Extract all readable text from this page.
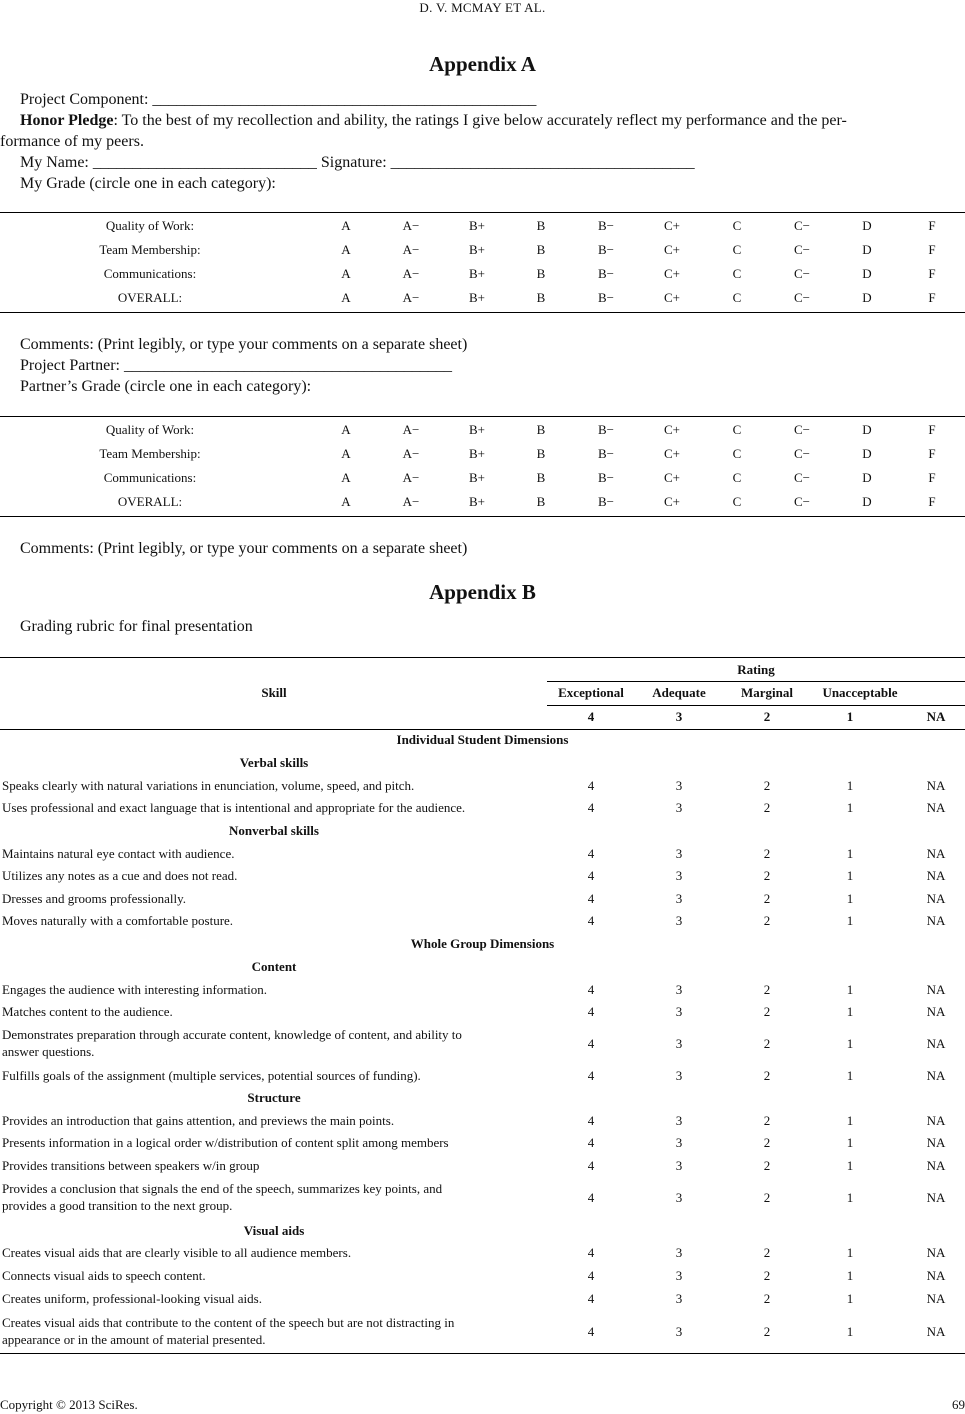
D. V. MCMAY ET AL.
Appendix A
Project Component: ________________________________________________
Honor Pledge: To the best of my recollection and ability, the ratings I give below accurately reflect my performance and the per-
formance of my peers.
My Name: ____________________________ Signature: ______________________________________
My Grade (circle one in each category):
Quality of Work:	A	A−	B+	B	B−	C+	C	C−	D	F
Team Membership:	A	A−	B+	B	B−	C+	C	C−	D	F
Communications:	A	A−	B+	B	B−	C+	C	C−	D	F
OVERALL:	A	A−	B+	B	B−	C+	C	C−	D	F
Comments: (Print legibly, or type your comments on a separate sheet)
Project Partner: _________________________________________
Partner’s Grade (circle one in each category):
Quality of Work:	A	A−	B+	B	B−	C+	C	C−	D	F
Team Membership:	A	A−	B+	B	B−	C+	C	C−	D	F
Communications:	A	A−	B+	B	B−	C+	C	C−	D	F
OVERALL:	A	A−	B+	B	B−	C+	C	C−	D	F
Comments: (Print legibly, or type your comments on a separate sheet)
Appendix B
Grading rubric for final presentation
Rating
Skill	Exceptional	Adequate	Marginal	Unacceptable
4	3	2	1	NA
Individual Student Dimensions
Verbal skills
Speaks clearly with natural variations in enunciation, volume, speed, and pitch.	4	3	2	1	NA
Uses professional and exact language that is intentional and appropriate for the audience.	4	3	2	1	NA
Nonverbal skills
Maintains natural eye contact with audience.	4	3	2	1	NA
Utilizes any notes as a cue and does not read.	4	3	2	1	NA
Dresses and grooms professionally.	4	3	2	1	NA
Moves naturally with a comfortable posture.	4	3	2	1	NA
Whole Group Dimensions
Content
Engages the audience with interesting information.	4	3	2	1	NA
Matches content to the audience.	4	3	2	1	NA
Demonstrates preparation through accurate content, knowledge of content, and ability to
answer questions.
4	3	2	1	NA
Fulfills goals of the assignment (multiple services, potential sources of funding).	4	3	2	1	NA
Structure
Provides an introduction that gains attention, and previews the main points.	4	3	2	1	NA
Presents information in a logical order w/distribution of content split among members	4	3	2	1	NA
Provides transitions between speakers w/in group	4	3	2	1	NA
Provides a conclusion that signals the end of the speech, summarizes key points, and
provides a good transition to the next group.
4	3	2	1	NA
Visual aids
Creates visual aids that are clearly visible to all audience members.	4	3	2	1	NA
Connects visual aids to speech content.	4	3	2	1	NA
Creates uniform, professional-looking visual aids.	4	3	2	1	NA
Creates visual aids that contribute to the content of the speech but are not distracting in
appearance or in the amount of material presented.
4	3	2	1	NA
Copyright © 2013 SciRes.	69
